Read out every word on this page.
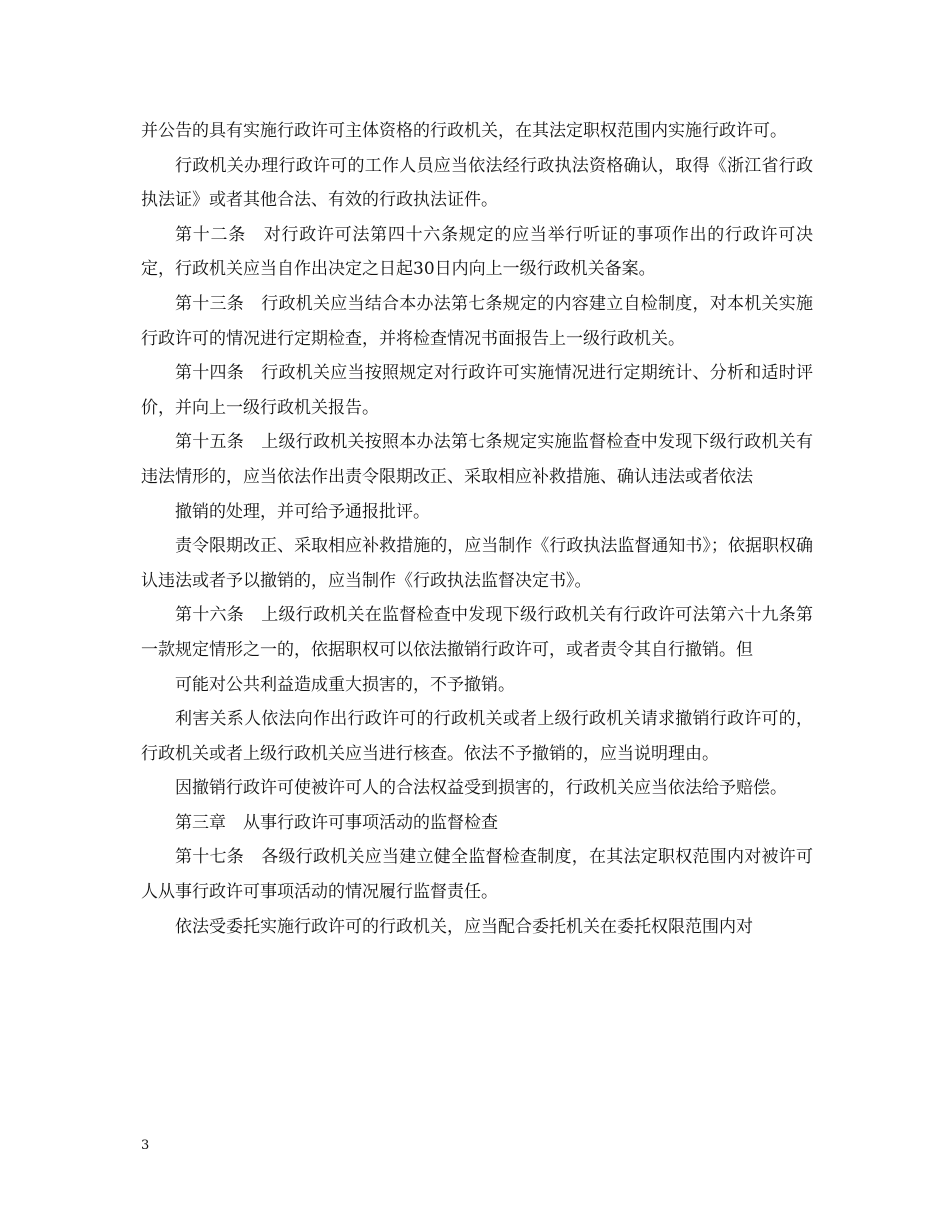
并公告的具有实施行政许可主体资格的行政机关，在其法定职权范围内实施行政许可。

行政机关办理行政许可的工作人员应当依法经行政执法资格确认，取得《浙江省行政执法证》或者其他合法、有效的行政执法证件。

第十二条　对行政许可法第四十六条规定的应当举行听证的事项作出的行政许可决定，行政机关应当自作出决定之日起30日内向上一级行政机关备案。

第十三条　行政机关应当结合本办法第七条规定的内容建立自检制度，对本机关实施行政许可的情况进行定期检查，并将检查情况书面报告上一级行政机关。

第十四条　行政机关应当按照规定对行政许可实施情况进行定期统计、分析和适时评价，并向上一级行政机关报告。

第十五条　上级行政机关按照本办法第七条规定实施监督检查中发现下级行政机关有违法情形的，应当依法作出责令限期改正、采取相应补救措施、确认违法或者依法

撤销的处理，并可给予通报批评。

责令限期改正、采取相应补救措施的，应当制作《行政执法监督通知书》；依据职权确认违法或者予以撤销的，应当制作《行政执法监督决定书》。

第十六条　上级行政机关在监督检查中发现下级行政机关有行政许可法第六十九条第一款规定情形之一的，依据职权可以依法撤销行政许可，或者责令其自行撤销。但

可能对公共利益造成重大损害的，不予撤销。

利害关系人依法向作出行政许可的行政机关或者上级行政机关请求撤销行政许可的，行政机关或者上级行政机关应当进行核查。依法不予撤销的，应当说明理由。

因撤销行政许可使被许可人的合法权益受到损害的，行政机关应当依法给予赔偿。

第三章　从事行政许可事项活动的监督检查

第十七条　各级行政机关应当建立健全监督检查制度，在其法定职权范围内对被许可人从事行政许可事项活动的情况履行监督责任。

依法受委托实施行政许可的行政机关，应当配合委托机关在委托权限范围内对

3
